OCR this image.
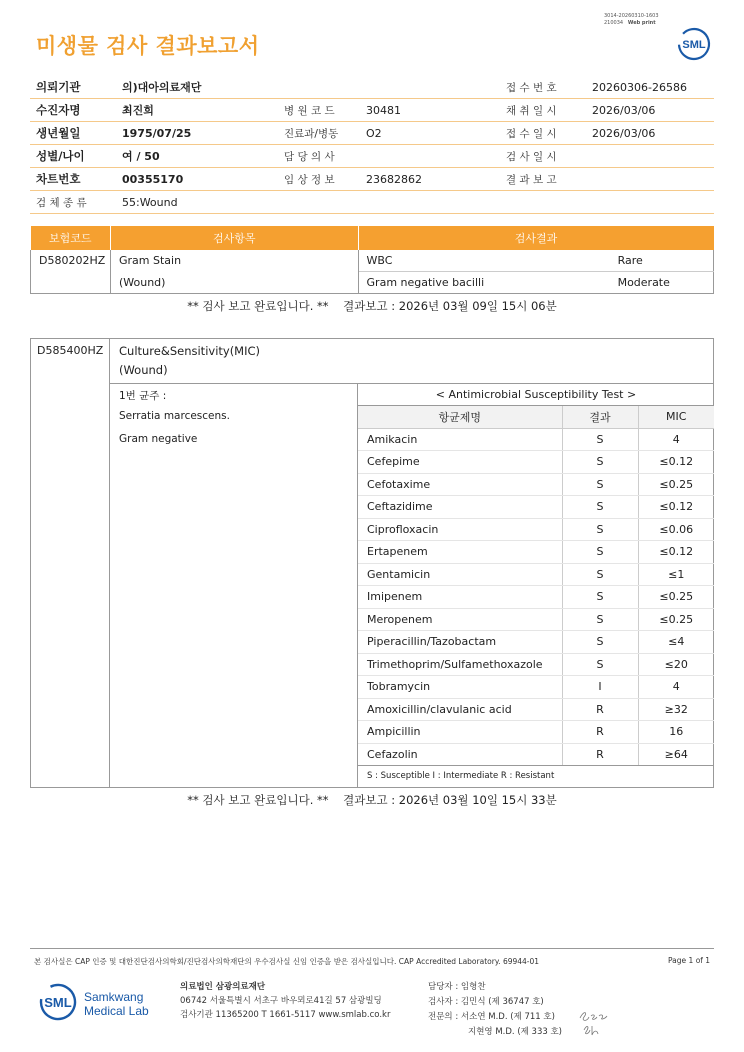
미생물 검사 결과보고서
3014-20260310-1603
210034 Web print
SML
의뢰기관	의)대아의료재단			접 수 번 호	20260306-26586
수진자명	최진희	병 원 코 드	30481	채 취 일 시	2026/03/06
생년월일	1975/07/25	진료과/병동	O2	접 수 일 시	2026/03/06
성별/나이	여 / 50	담 당 의 사		검 사 일 시	
차트번호	00355170	임 상 정 보	23682862	결 과 보 고	
검 체 종 류	55:Wound				
보험코드	검사항목	검사결과	
D580202HZ	Gram Stain	WBC	Rare
	(Wound)	Gram negative bacilli	Moderate
** 검사 보고 완료입니다. ** 결과보고 : 2026년 03월 09일 15시 06분
D585400HZ Culture&Sensitivity(MIC)
(Wound)
1번 균주 :
Serratia marcescens.
Gram negative
< Antimicrobial Susceptibility Test >
항균제명	결과	MIC
Amikacin	S	4
Cefepime	S	≤0.12
Cefotaxime	S	≤0.25
Ceftazidime	S	≤0.12
Ciprofloxacin	S	≤0.06
Ertapenem	S	≤0.12
Gentamicin	S	≤1
Imipenem	S	≤0.25
Meropenem	S	≤0.25
Piperacillin/Tazobactam	S	≤4
Trimethoprim/Sulfamethoxazole	S	≤20
Tobramycin	I	4
Amoxicillin/clavulanic acid	R	≥32
Ampicillin	R	16
Cefazolin	R	≥64
S : Susceptible I : Intermediate R : Resistant
** 검사 보고 완료입니다. ** 결과보고 : 2026년 03월 10일 15시 33분
본 검사실은 CAP 인증 및 대한진단검사의학회/진단검사의학재단의 우수검사실 신임 인증을 받은 검사실입니다. CAP Accredited Laboratory. 69944-01	Page 1 of 1
SML Samkwang
Medical Lab
의료법인 삼광의료재단
06742 서울특별시 서초구 바우뫼로41길 57 삼광빌딩
검사기관 11365200 T 1661-5117 www.smlab.co.kr
담당자 : 임형찬
검사자 : 김민식 (제 36747 호)
전문의 : 서소연 M.D. (제 711 호)
지현영 M.D. (제 333 호)
